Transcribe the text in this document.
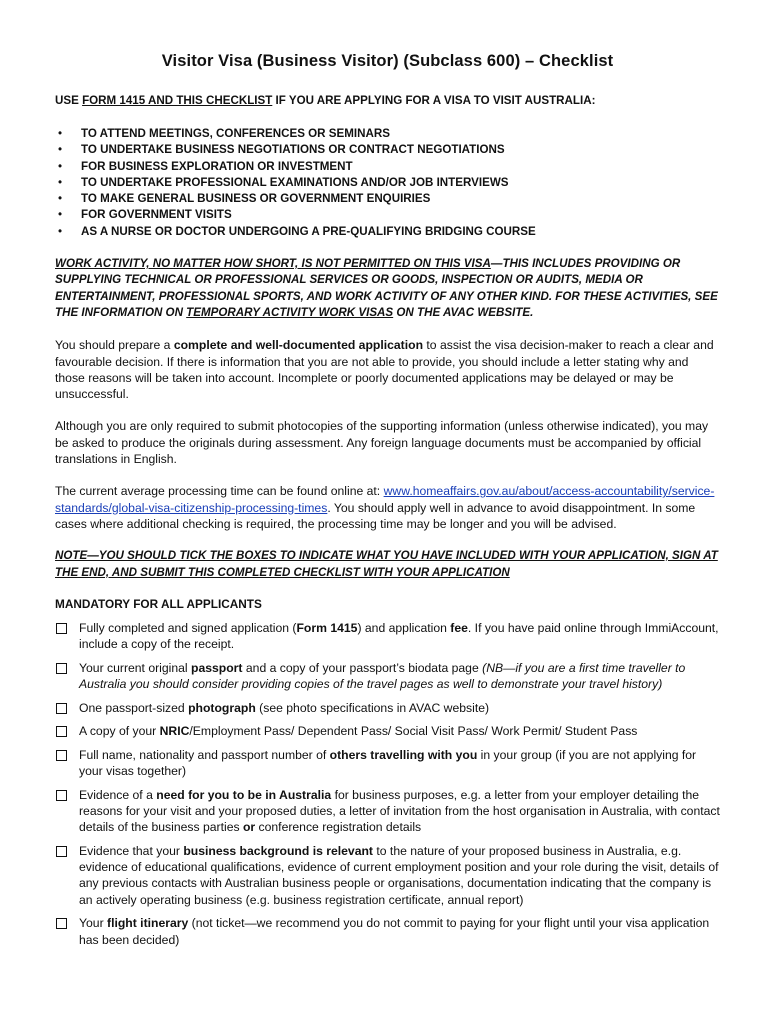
Visitor Visa (Business Visitor) (Subclass 600) – Checklist
USE FORM 1415 AND THIS CHECKLIST IF YOU ARE APPLYING FOR A VISA TO VISIT AUSTRALIA:
• TO ATTEND MEETINGS, CONFERENCES OR SEMINARS
• TO UNDERTAKE BUSINESS NEGOTIATIONS OR CONTRACT NEGOTIATIONS
• FOR BUSINESS EXPLORATION OR INVESTMENT
• TO UNDERTAKE PROFESSIONAL EXAMINATIONS AND/OR JOB INTERVIEWS
• TO MAKE GENERAL BUSINESS OR GOVERNMENT ENQUIRIES
• FOR GOVERNMENT VISITS
• AS A NURSE OR DOCTOR UNDERGOING A PRE-QUALIFYING BRIDGING COURSE
WORK ACTIVITY, NO MATTER HOW SHORT, IS NOT PERMITTED ON THIS VISA—THIS INCLUDES PROVIDING OR SUPPLYING TECHNICAL OR PROFESSIONAL SERVICES OR GOODS, INSPECTION OR AUDITS, MEDIA OR ENTERTAINMENT, PROFESSIONAL SPORTS, AND WORK ACTIVITY OF ANY OTHER KIND. FOR THESE ACTIVITIES, SEE THE INFORMATION ON TEMPORARY ACTIVITY WORK VISAS ON THE AVAC WEBSITE.
You should prepare a complete and well-documented application to assist the visa decision-maker to reach a clear and favourable decision. If there is information that you are not able to provide, you should include a letter stating why and those reasons will be taken into account. Incomplete or poorly documented applications may be delayed or may be unsuccessful.
Although you are only required to submit photocopies of the supporting information (unless otherwise indicated), you may be asked to produce the originals during assessment. Any foreign language documents must be accompanied by official translations in English.
The current average processing time can be found online at: www.homeaffairs.gov.au/about/access-accountability/service-standards/global-visa-citizenship-processing-times. You should apply well in advance to avoid disappointment. In some cases where additional checking is required, the processing time may be longer and you will be advised.
NOTE—YOU SHOULD TICK THE BOXES TO INDICATE WHAT YOU HAVE INCLUDED WITH YOUR APPLICATION, SIGN AT THE END, AND SUBMIT THIS COMPLETED CHECKLIST WITH YOUR APPLICATION
MANDATORY FOR ALL APPLICANTS
Fully completed and signed application (Form 1415) and application fee. If you have paid online through ImmiAccount, include a copy of the receipt.
Your current original passport and a copy of your passport’s biodata page (NB—if you are a first time traveller to Australia you should consider providing copies of the travel pages as well to demonstrate your travel history)
One passport-sized photograph (see photo specifications in AVAC website)
A copy of your NRIC/Employment Pass/ Dependent Pass/ Social Visit Pass/ Work Permit/ Student Pass
Full name, nationality and passport number of others travelling with you in your group (if you are not applying for your visas together)
Evidence of a need for you to be in Australia for business purposes, e.g. a letter from your employer detailing the reasons for your visit and your proposed duties, a letter of invitation from the host organisation in Australia, with contact details of the business parties or conference registration details
Evidence that your business background is relevant to the nature of your proposed business in Australia, e.g. evidence of educational qualifications, evidence of current employment position and your role during the visit, details of any previous contacts with Australian business people or organisations, documentation indicating that the company is an actively operating business (e.g. business registration certificate, annual report)
Your flight itinerary (not ticket—we recommend you do not commit to paying for your flight until your visa application has been decided)
